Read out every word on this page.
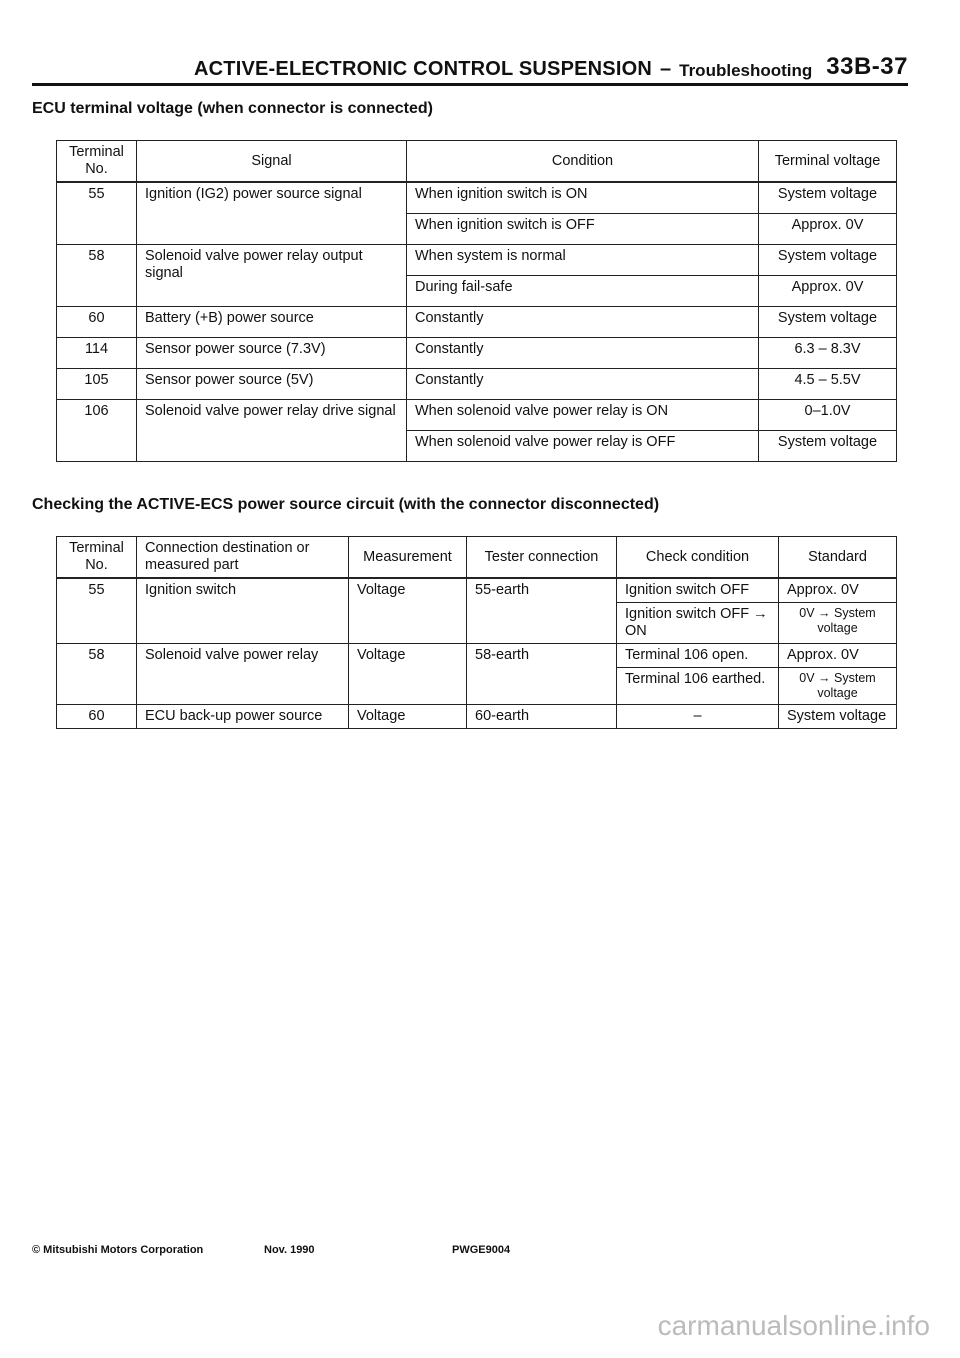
ACTIVE-ELECTRONIC CONTROL SUSPENSION – Troubleshooting 33B-37
ECU terminal voltage (when connector is connected)
Terminal No.	Signal	Condition	Terminal voltage
55	Ignition (IG2) power source signal	When ignition switch is ON	System voltage
		When ignition switch is OFF	Approx. 0V
58	Solenoid valve power relay output signal	When system is normal	System voltage
		During fail-safe	Approx. 0V
60	Battery (+B) power source	Constantly	System voltage
114	Sensor power source (7.3V)	Constantly	6.3 – 8.3V
105	Sensor power source (5V)	Constantly	4.5 – 5.5V
106	Solenoid valve power relay drive signal	When solenoid valve power relay is ON	0–1.0V
		When solenoid valve power relay is OFF	System voltage
Checking the ACTIVE-ECS power source circuit (with the connector disconnected)
Terminal No.	Connection destination or measured part	Measurement	Tester connection	Check condition	Standard
55	Ignition switch	Voltage	55-earth	Ignition switch OFF	Approx. 0V
				Ignition switch OFF → ON	0V → System voltage
58	Solenoid valve power relay	Voltage	58-earth	Terminal 106 open.	Approx. 0V
				Terminal 106 earthed.	0V → System voltage
60	ECU back-up power source	Voltage	60-earth	–	System voltage
© Mitsubishi Motors Corporation	Nov. 1990	PWGE9004
carmanualsonline.info
